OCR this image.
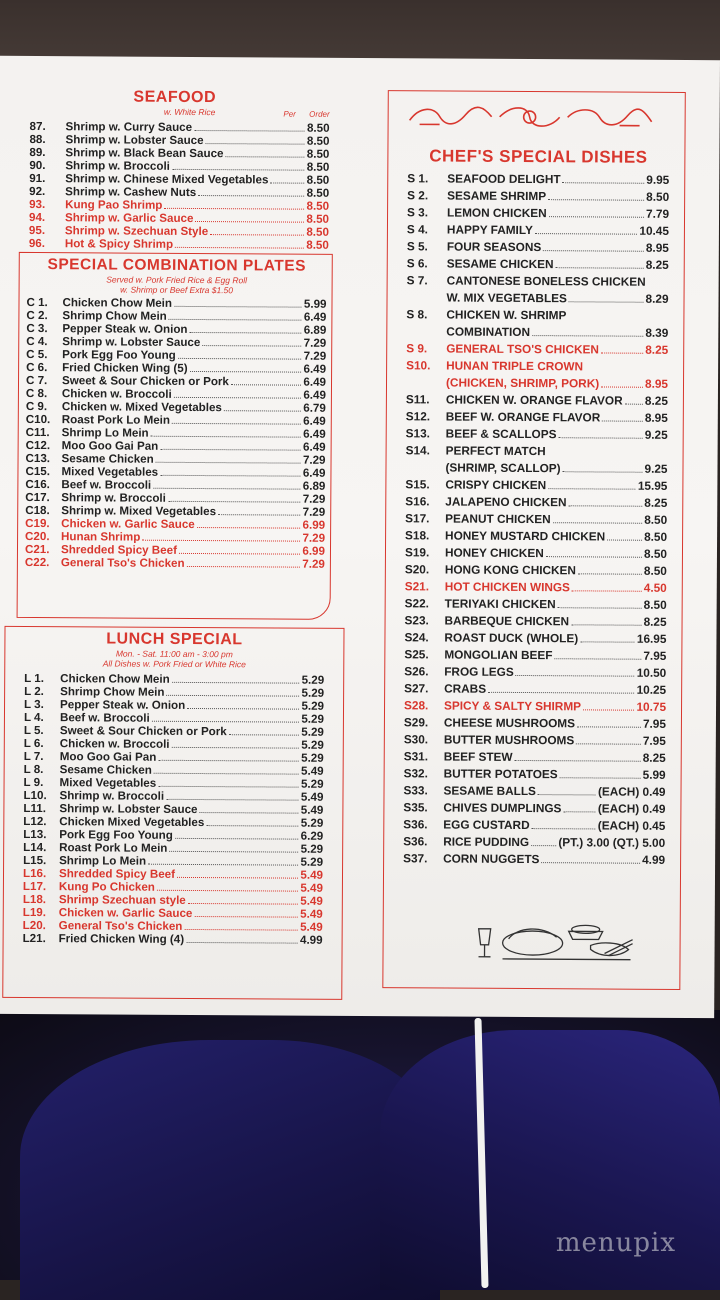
SEAFOOD
w. White Rice	Per Order
87.	Shrimp w. Curry Sauce	8.50
88.	Shrimp w. Lobster Sauce	8.50
89.	Shrimp w. Black Bean Sauce	8.50
90.	Shrimp w. Broccoli	8.50
91.	Shrimp w. Chinese Mixed Vegetables	8.50
92.	Shrimp w. Cashew Nuts	8.50
93.	Kung Pao Shrimp	8.50
94.	Shrimp w. Garlic Sauce	8.50
95.	Shrimp w. Szechuan Style	8.50
96.	Hot & Spicy Shrimp	8.50
SPECIAL COMBINATION PLATES
Served w. Pork Fried Rice & Egg Roll
w. Shrimp or Beef Extra $1.50
C 1.	Chicken Chow Mein	5.99
C 2.	Shrimp Chow Mein	6.49
C 3.	Pepper Steak w. Onion	6.89
C 4.	Shrimp w. Lobster Sauce	7.29
C 5.	Pork Egg Foo Young	7.29
C 6.	Fried Chicken Wing (5)	6.49
C 7.	Sweet & Sour Chicken or Pork	6.49
C 8.	Chicken w. Broccoli	6.49
C 9.	Chicken w. Mixed Vegetables	6.79
C10. Roast Pork Lo Mein	6.49
C11.	Shrimp Lo Mein	6.49
C12. Moo Goo Gai Pan	6.49
C13. Sesame Chicken	7.29
C15. Mixed Vegetables	6.49
C16. Beef w. Broccoli	6.89
C17. Shrimp w. Broccoli	7.29
C18. Shrimp w. Mixed Vegetables	7.29
C19. Chicken w. Garlic Sauce	6.99
C20. Hunan Shrimp	7.29
C21. Shredded Spicy Beef	6.99
C22. General Tso's Chicken	7.29
LUNCH SPECIAL
Mon. - Sat. 11:00 am - 3:00 pm
All Dishes w. Pork Fried or White Rice
L 1.	Chicken Chow Mein	5.29
L 2.	Shrimp Chow Mein	5.29
L 3.	Pepper Steak w. Onion	5.29
L 4.	Beef w. Broccoli	5.29
L 5.	Sweet & Sour Chicken or Pork	5.29
L 6.	Chicken w. Broccoli	5.29
L 7.	Moo Goo Gai Pan	5.29
L 8.	Sesame Chicken	5.49
L 9.	Mixed Vegetables	5.29
L10.	Shrimp w. Broccoli	5.49
L11.	Shrimp w. Lobster Sauce	5.49
L12.	Chicken Mixed Vegetables	5.29
L13.	Pork Egg Foo Young	6.29
L14.	Roast Pork Lo Mein	5.29
L15.	Shrimp Lo Mein	5.29
L16.	Shredded Spicy Beef	5.49
L17.	Kung Po Chicken	5.49
L18.	Shrimp Szechuan style	5.49
L19.	Chicken w. Garlic Sauce	5.49
L20.	General Tso's Chicken	5.49
L21.	Fried Chicken Wing (4)	4.99
CHEF'S SPECIAL DISHES
S 1.	SEAFOOD DELIGHT	9.95
S 2.	SESAME SHRIMP	8.50
S 3.	LEMON CHICKEN	7.79
S 4.	HAPPY FAMILY	10.45
S 5.	FOUR SEASONS	8.95
S 6.	SESAME CHICKEN	8.25
S 7.	CANTONESE BONELESS CHICKEN
W. MIX VEGETABLES	8.29
S 8.	CHICKEN W. SHRIMP
COMBINATION	8.39
S 9.	GENERAL TSO'S CHICKEN	8.25
S10.	HUNAN TRIPLE CROWN
(CHICKEN, SHRIMP, PORK)	8.95
S11.	CHICKEN W. ORANGE FLAVOR 8.25
S12.	BEEF W. ORANGE FLAVOR	8.95
S13.	BEEF & SCALLOPS	9.25
S14.	PERFECT MATCH
(SHRIMP, SCALLOP)	9.25
S15.	CRISPY CHICKEN	15.95
S16.	JALAPENO CHICKEN	8.25
S17.	PEANUT CHICKEN	8.50
S18.	HONEY MUSTARD CHICKEN	8.50
S19.	HONEY CHICKEN	8.50
S20.	HONG KONG CHICKEN	8.50
S21.	HOT CHICKEN WINGS	4.50
S22.	TERIYAKI CHICKEN	8.50
S23.	BARBEQUE CHICKEN	8.25
S24.	ROAST DUCK (WHOLE)	16.95
S25.	MONGOLIAN BEEF	7.95
S26.	FROG LEGS	10.50
S27.	CRABS	10.25
S28.	SPICY & SALTY SHIRMP	10.75
S29.	CHEESE MUSHROOMS	7.95
S30.	BUTTER MUSHROOMS	7.95
S31.	BEEF STEW	8.25
S32.	BUTTER POTATOES	5.99
S33.	SESAME BALLS	(EACH) 0.49
S35.	CHIVES DUMPLINGS	(EACH) 0.49
S36.	EGG CUSTARD	(EACH) 0.45
S36.	RICE PUDDING (PT.) 3.00 (QT.) 5.00
S37.	CORN NUGGETS	4.99
menupix
